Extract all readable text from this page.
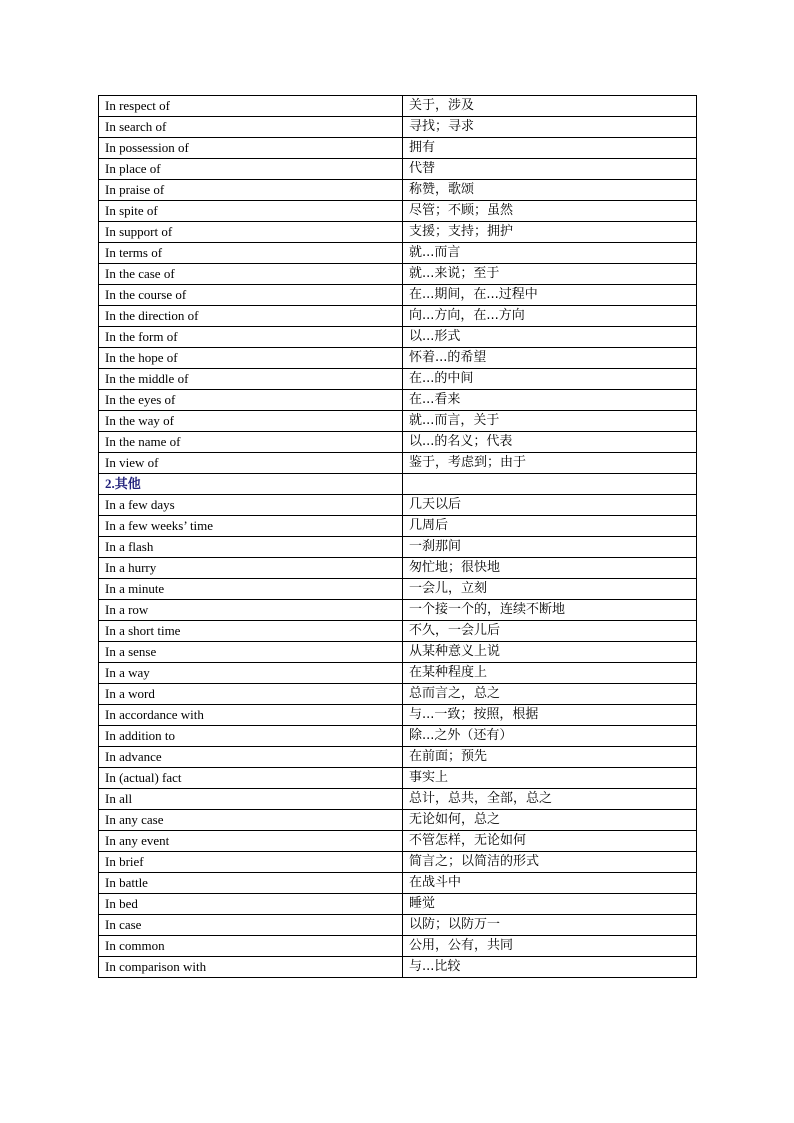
In respect of	关于，涉及
In search of	寻找；寻求
In possession of	拥有
In place of	代替
In praise of	称赞，歌颂
In spite of	尽管；不顾；虽然
In support of	支援；支持；拥护
In terms of	就...而言
In the case of	就...来说；至于
In the course of	在...期间，在...过程中
In the direction of	向...方向，在...方向
In the form of	以...形式
In the hope of	怀着...的希望
In the middle of	在...的中间
In the eyes of	在...看来
In the way of	就...而言，关于
In the name of	以...的名义；代表
In view of	鉴于，考虑到；由于
2.其他	
In a few days	几天以后
In a few weeks’ time	几周后
In a flash	一刹那间
In a hurry	匆忙地；很快地
In a minute	一会儿，立刻
In a row	一个接一个的，连续不断地
In a short time	不久，一会儿后
In a sense	从某种意义上说
In a way	在某种程度上
In a word	总而言之，总之
In accordance with	与...一致；按照，根据
In addition to	除...之外（还有）
In advance	在前面；预先
In (actual) fact	事实上
In all	总计，总共，全部，总之
In any case	无论如何，总之
In any event	不管怎样，无论如何
In brief	简言之；以简洁的形式
In battle	在战斗中
In bed	睡觉
In case	以防；以防万一
In common	公用，公有，共同
In comparison with	与...比较
